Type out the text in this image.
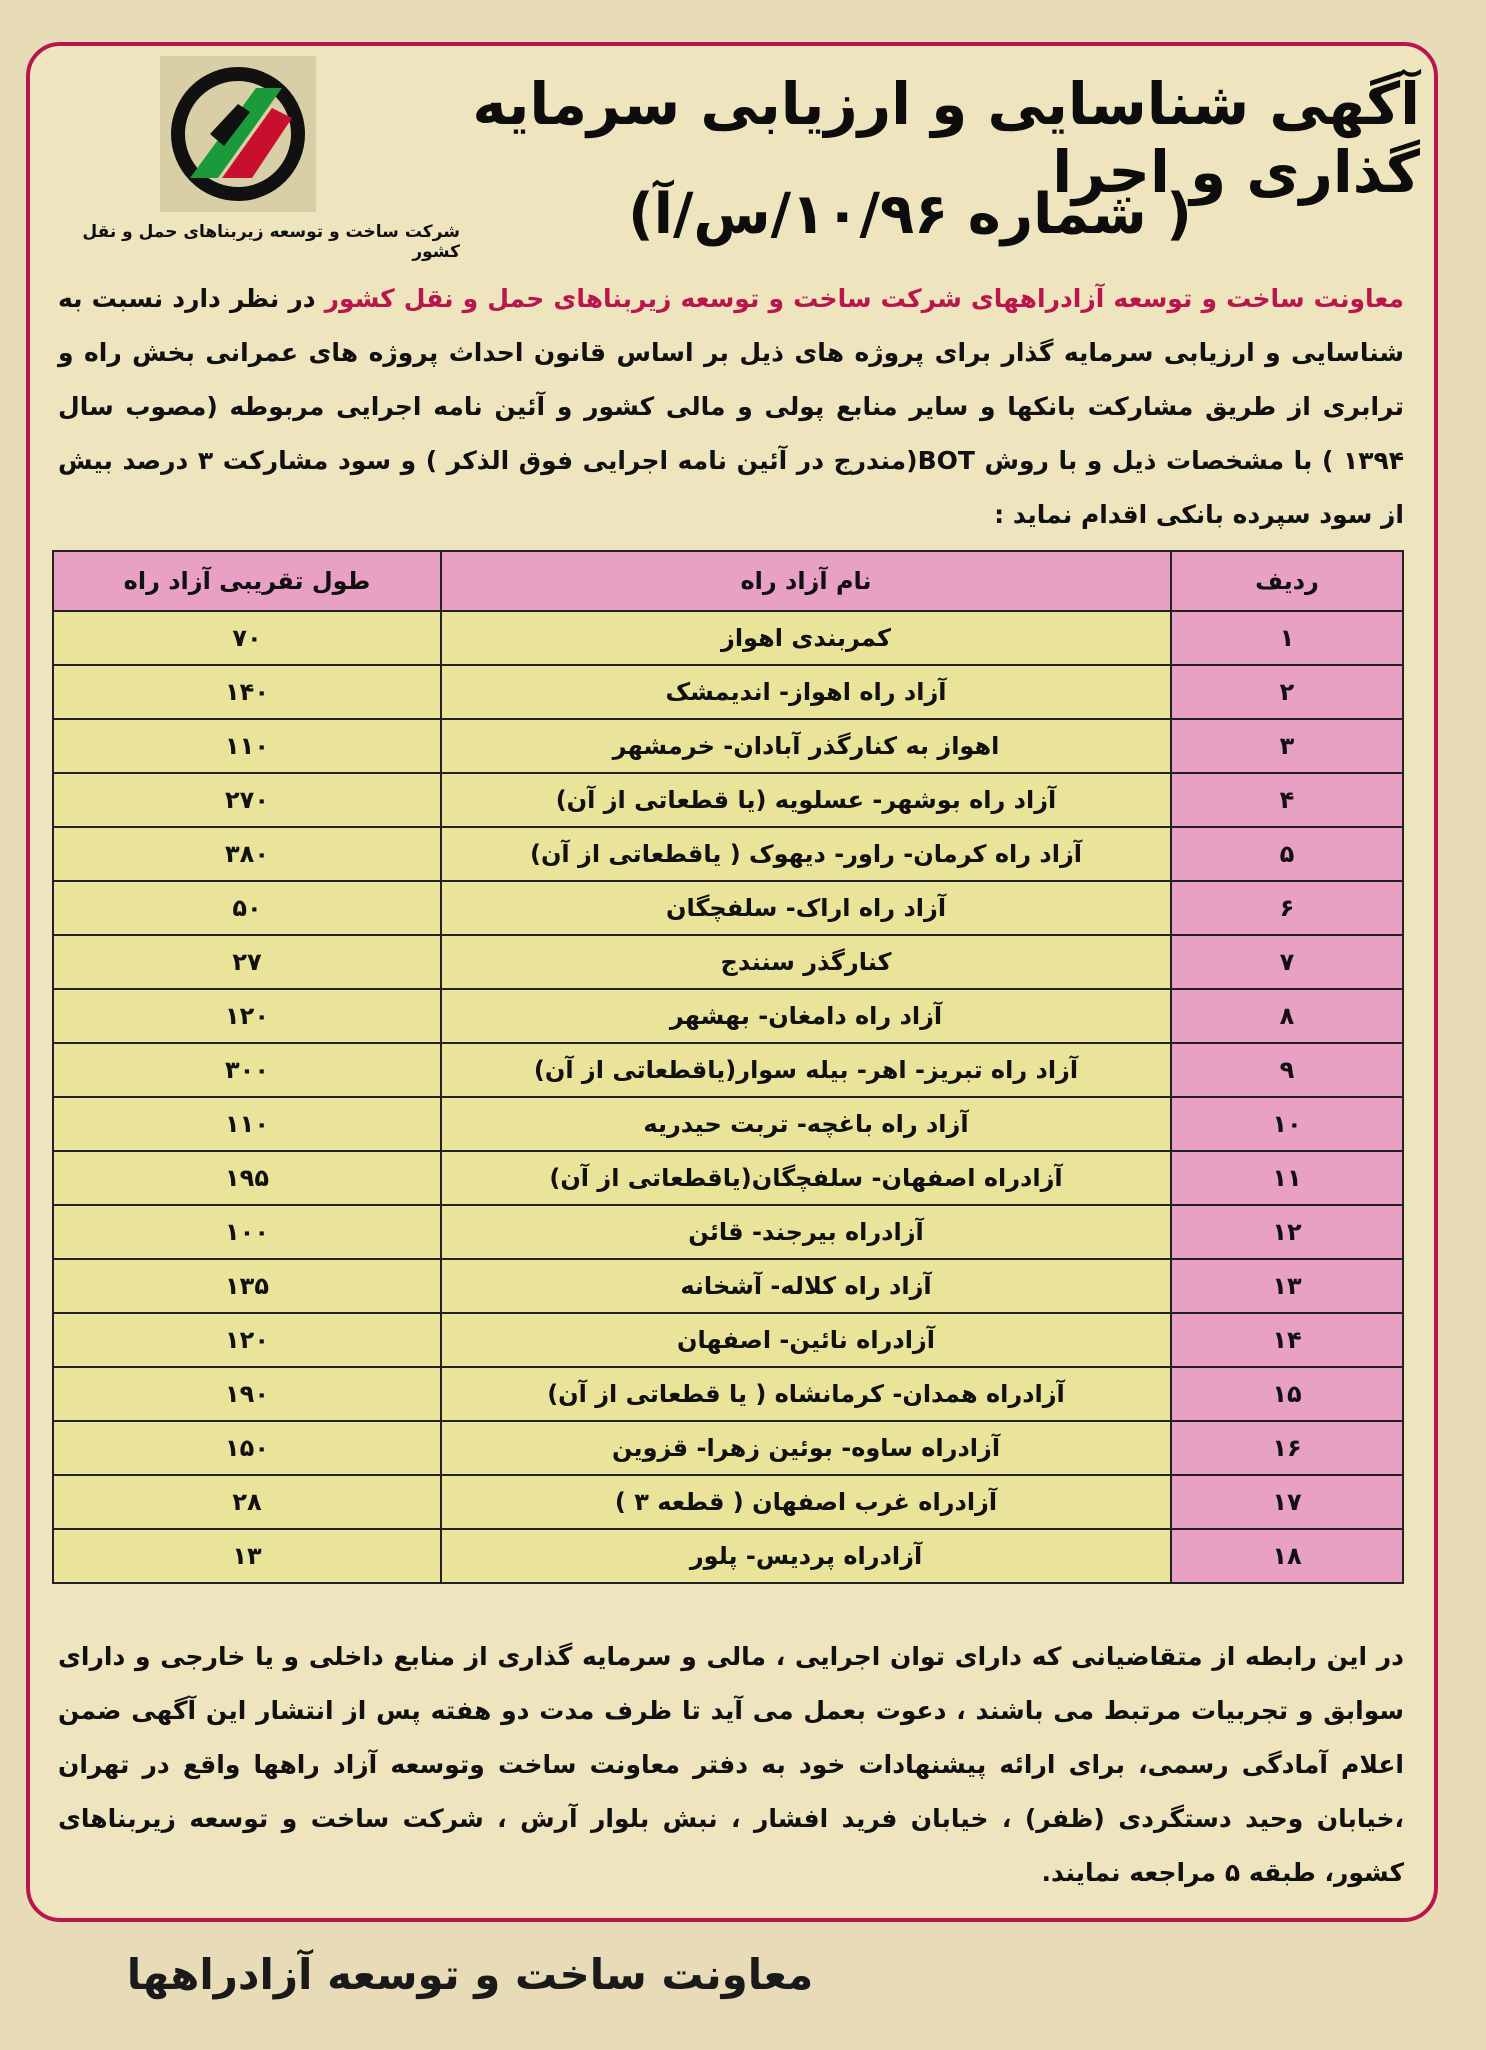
شرکت ساخت و توسعه زیربناهای حمل و نقل کشور
آگهی شناسایی و ارزیابی سرمایه گذاری و اجرا
( شماره ۱۰/۹۶/س/آ)
معاونت ساخت و توسعه آزادراههای شرکت ساخت و توسعه زیربناهای حمل و نقل کشور در نظر دارد نسبت به شناسایی و ارزیابی سرمایه گذار برای پروژه های ذیل بر اساس قانون احداث پروژه های عمرانی بخش راه و ترابری از طریق مشارکت بانکها و سایر منابع پولی و مالی کشور و آئین نامه اجرایی مربوطه (مصوب سال ۱۳۹۴ ) با مشخصات ذیل و با روش BOT(مندرج در آئین نامه اجرایی فوق الذکر ) و سود مشارکت ۳ درصد بیش از سود سپرده بانکی اقدام نماید :
ردیف	نام آزاد راه	طول تقریبی آزاد راه
۱	کمربندی اهواز	۷۰
۲	آزاد راه اهواز- اندیمشک	۱۴۰
۳	اهواز به کنارگذر آبادان- خرمشهر	۱۱۰
۴	آزاد راه بوشهر- عسلویه (یا قطعاتی از آن)	۲۷۰
۵	آزاد راه کرمان- راور- دیهوک ( یاقطعاتی از آن)	۳۸۰
۶	آزاد راه اراک- سلفچگان	۵۰
۷	کنارگذر سنندج	۲۷
۸	آزاد راه دامغان- بهشهر	۱۲۰
۹	آزاد راه تبریز- اهر- بیله سوار(یاقطعاتی از آن)	۳۰۰
۱۰	آزاد راه باغچه- تربت حیدریه	۱۱۰
۱۱	آزادراه اصفهان- سلفچگان(یاقطعاتی از آن)	۱۹۵
۱۲	آزادراه بیرجند- قائن	۱۰۰
۱۳	آزاد راه کلاله- آشخانه	۱۳۵
۱۴	آزادراه نائین- اصفهان	۱۲۰
۱۵	آزادراه همدان- کرمانشاه ( یا قطعاتی از آن)	۱۹۰
۱۶	آزادراه ساوه- بوئین زهرا- قزوین	۱۵۰
۱۷	آزادراه غرب اصفهان ( قطعه ۳ )	۲۸
۱۸	آزادراه پردیس- پلور	۱۳
در این رابطه از متقاضیانی که دارای توان اجرایی ، مالی و سرمایه گذاری از منابع داخلی و یا خارجی و دارای سوابق و تجربیات مرتبط می باشند ، دعوت بعمل می آید تا ظرف مدت دو هفته پس از انتشار این آگهی ضمن اعلام آمادگی رسمی، برای ارائه پیشنهادات خود به دفتر معاونت ساخت وتوسعه آزاد راهها واقع در تهران ،خیابان وحید دستگردی (ظفر) ، خیابان فرید افشار ، نبش بلوار آرش ، شرکت ساخت و توسعه زیربناهای کشور، طبقه ۵ مراجعه نمایند.
معاونت ساخت و توسعه آزادراهها
